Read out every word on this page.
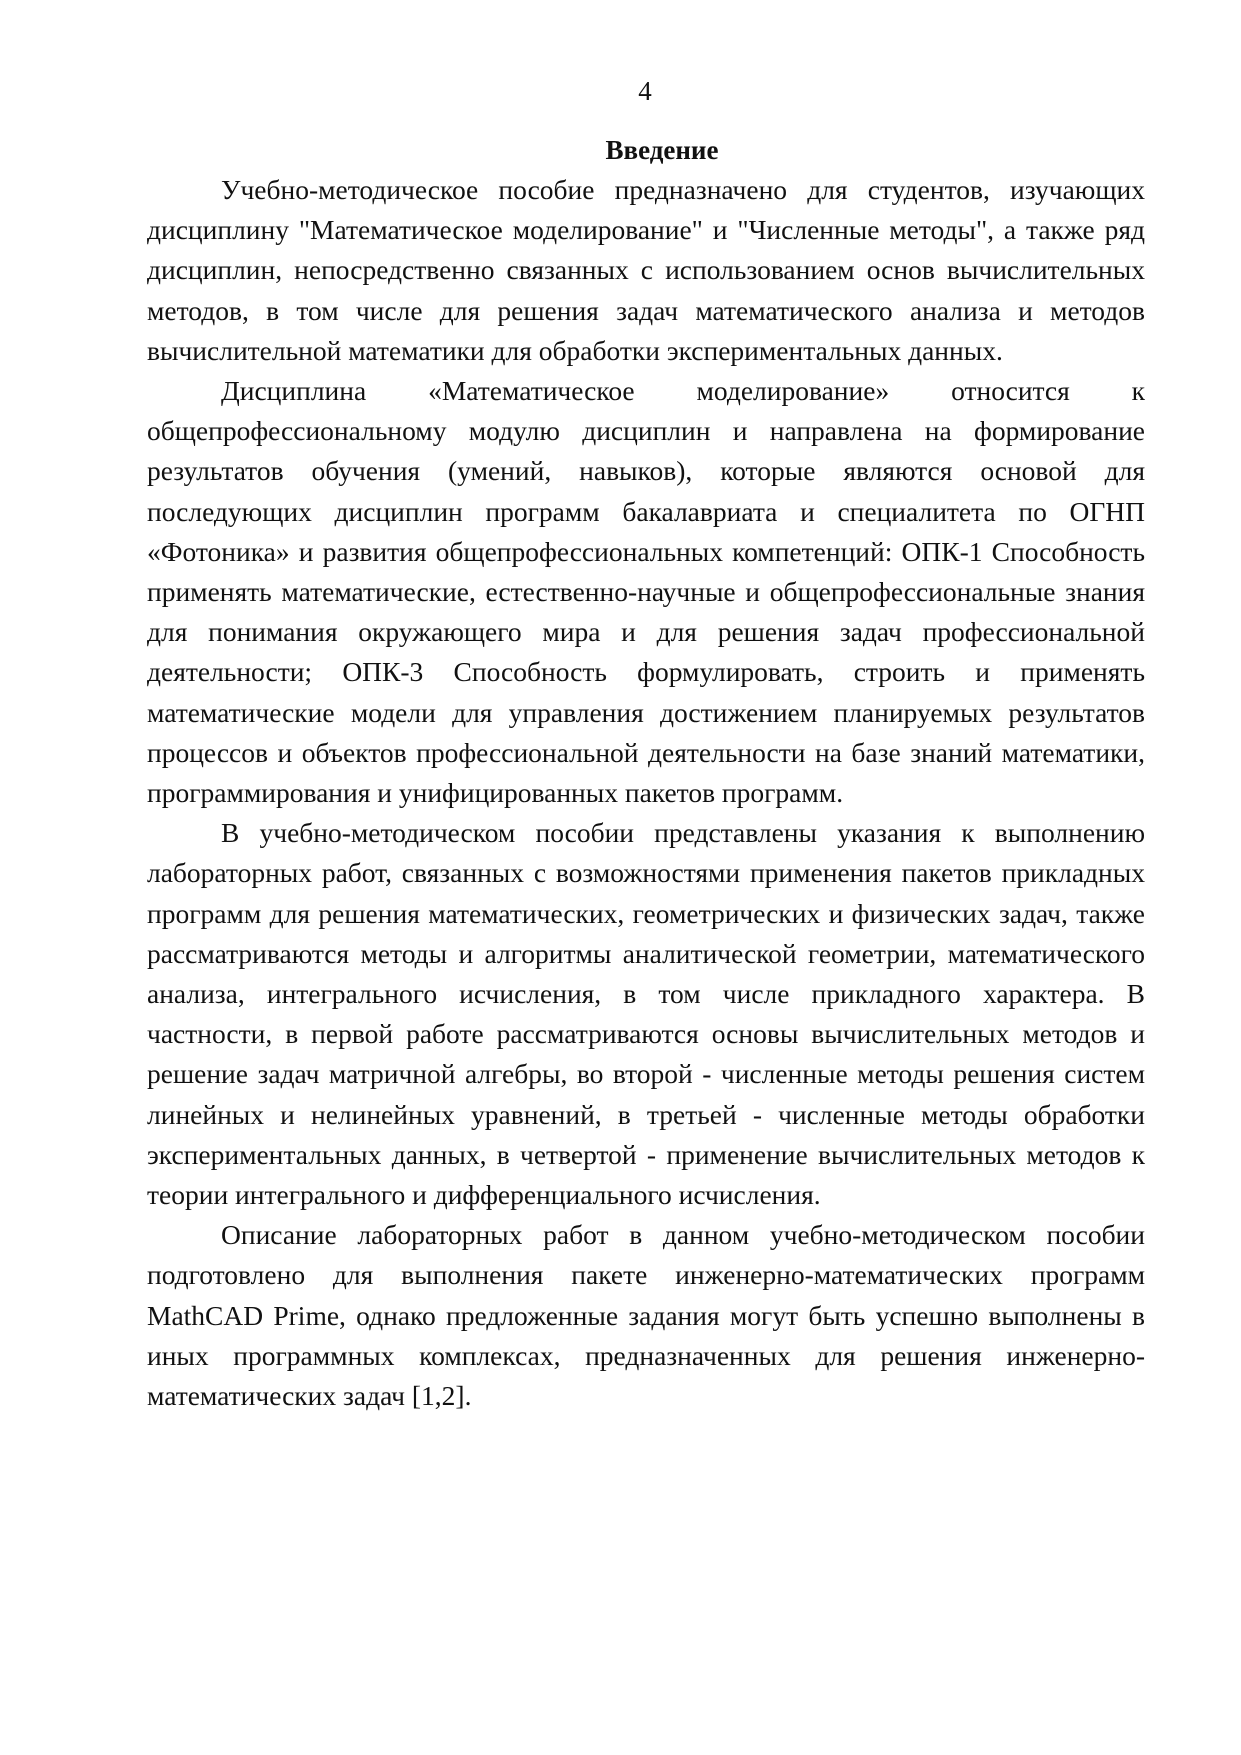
4
Введение

Учебно-методическое пособие предназначено для студентов, изучающих дисциплину "Математическое моделирование" и "Численные методы", а также ряд дисциплин, непосредственно связанных с использованием основ вычислительных методов, в том числе для решения задач математического анализа и методов вычислительной математики для обработки экспериментальных данных.

Дисциплина «Математическое моделирование» относится к общепрофессиональному модулю дисциплин и направлена на формирование результатов обучения (умений, навыков), которые являются основой для последующих дисциплин программ бакалавриата и специалитета по ОГНП «Фотоника» и развития общепрофессиональных компетенций: ОПК-1 Способность применять математические, естественно-научные и общепрофессиональные знания для понимания окружающего мира и для решения задач профессиональной деятельности; ОПК-3 Способность формулировать, строить и применять математические модели для управления достижением планируемых результатов процессов и объектов профессиональной деятельности на базе знаний математики, программирования и унифицированных пакетов программ.

В учебно-методическом пособии представлены указания к выполнению лабораторных работ, связанных с возможностями применения пакетов прикладных программ для решения математических, геометрических и физических задач, также рассматриваются методы и алгоритмы аналитической геометрии, математического анализа, интегрального исчисления, в том числе прикладного характера. В частности, в первой работе рассматриваются основы вычислительных методов и решение задач матричной алгебры, во второй - численные методы решения систем линейных и нелинейных уравнений, в третьей - численные методы обработки экспериментальных данных, в четвертой - применение вычислительных методов к теории интегрального и дифференциального исчисления.

Описание лабораторных работ в данном учебно-методическом пособии подготовлено для выполнения пакете инженерно-математических программ MathCAD Prime, однако предложенные задания могут быть успешно выполнены в иных программных комплексах, предназначенных для решения инженерно-математических задач [1,2].
